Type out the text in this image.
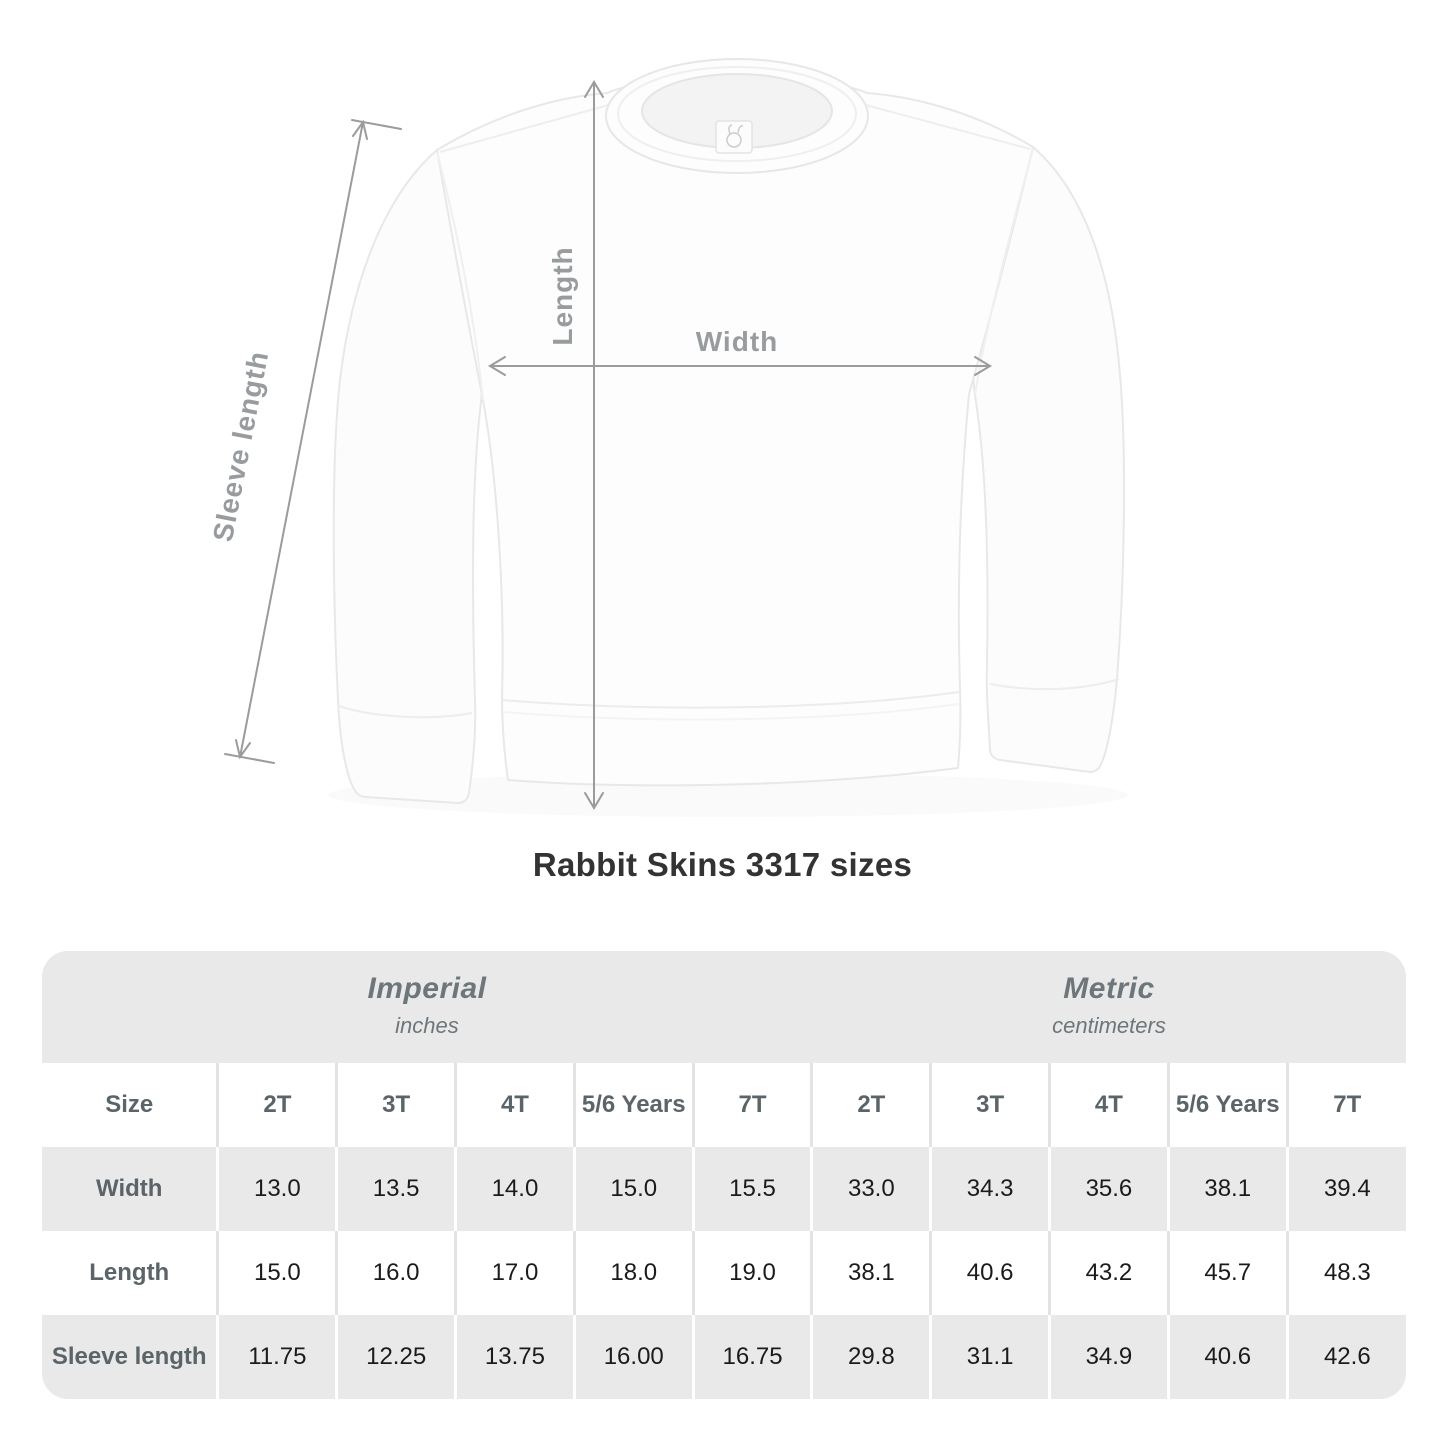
Length	Width
Sleeve length
Rabbit Skins 3317 sizes
Imperial
inches

Metric
centimeters

Size	2T	3T	4T	5/6 Years	7T	2T	3T	4T	5/6 Years	7T
Width	13.0	13.5	14.0	15.0	15.5	33.0	34.3	35.6	38.1	39.4
Length	15.0	16.0	17.0	18.0	19.0	38.1	40.6	43.2	45.7	48.3
Sleeve length	11.75	12.25	13.75	16.00	16.75	29.8	31.1	34.9	40.6	42.6
